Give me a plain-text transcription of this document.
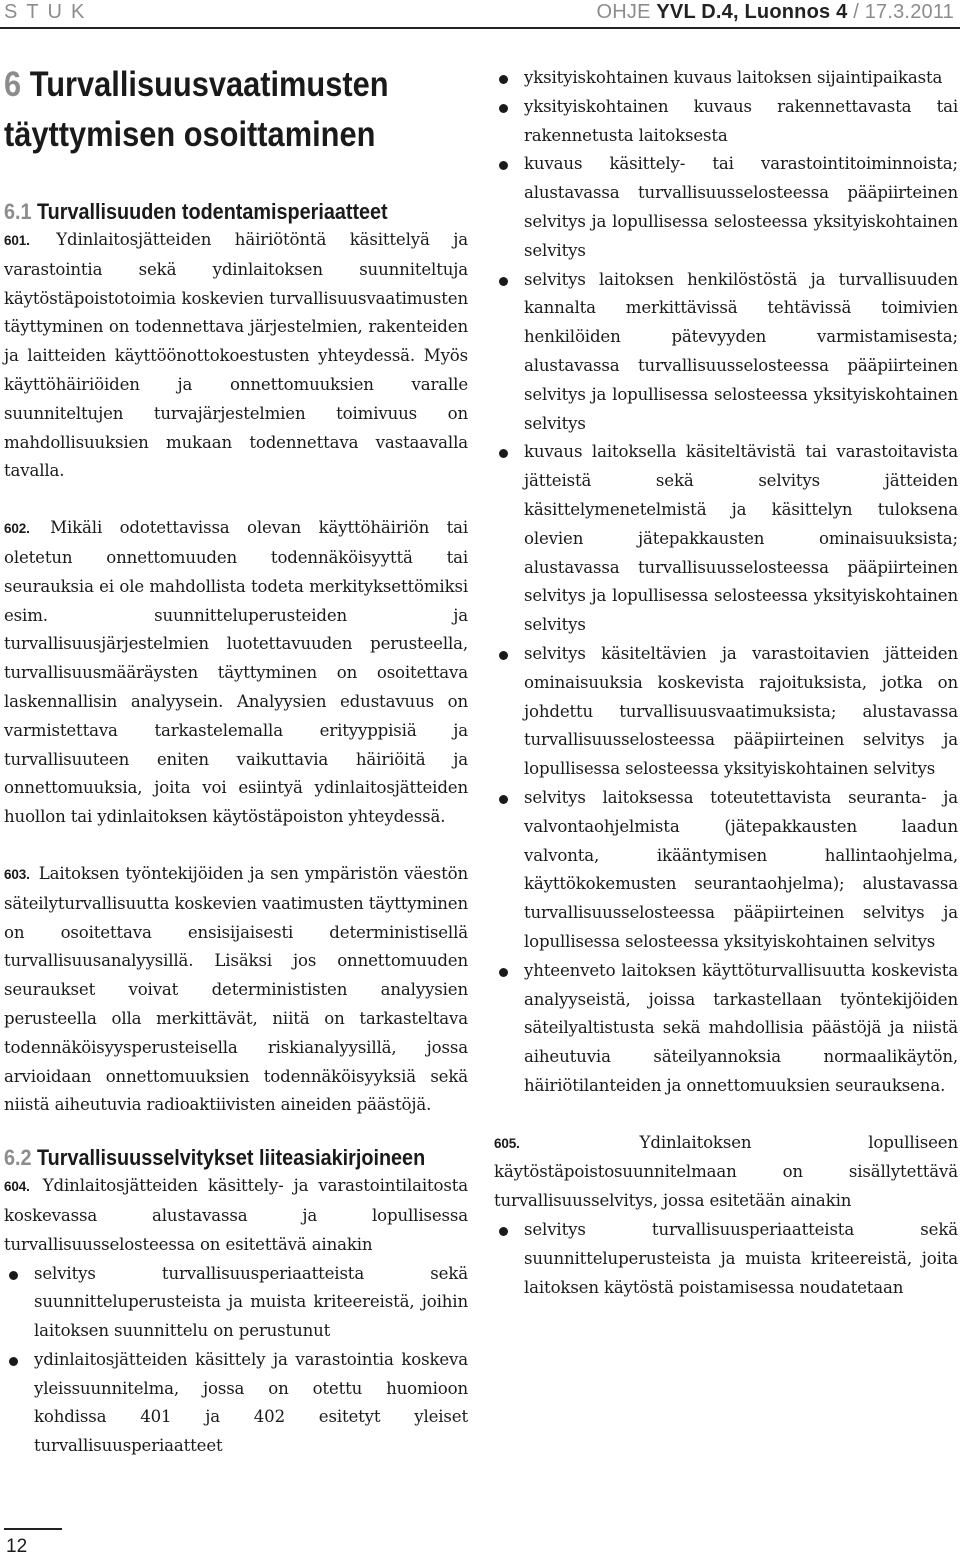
STUK	OHJE YVL D.4, Luonnos 4 / 17.3.2011
6 Turvallisuusvaatimusten
täyttymisen osoittaminen
6.1 Turvallisuuden todentamisperiaatteet

601. Ydinlaitosjätteiden häiriötöntä käsittelyä ja varastointia sekä ydinlaitoksen suunniteltuja käytöstäpoistotoimia koskevien turvallisuusvaatimusten täyttyminen on todennettava järjestelmien, rakenteiden ja laitteiden käyttöönottokoestusten yhteydessä. Myös käyttöhäiriöiden ja onnettomuuksien varalle suunniteltujen turvajärjestelmien toimivuus on mahdollisuuksien mukaan todennettava vastaavalla tavalla.

602. Mikäli odotettavissa olevan käyttöhäiriön tai oletetun onnettomuuden todennäköisyyttä tai seurauksia ei ole mahdollista todeta merkityksettömiksi esim. suunnitteluperusteiden ja turvallisuusjärjestelmien luotettavuuden perusteella, turvallisuusmääräysten täyttyminen on osoitettava laskennallisin analyysein. Analyysien edustavuus on varmistettava tarkastelemalla erityyppisiä ja turvallisuuteen eniten vaikuttavia häiriöitä ja onnettomuuksia, joita voi esiintyä ydinlaitosjätteiden huollon tai ydinlaitoksen käytöstäpoiston yhteydessä.

603. Laitoksen työntekijöiden ja sen ympäristön väestön säteilyturvallisuutta koskevien vaatimusten täyttyminen on osoitettava ensisijaisesti deterministisellä turvallisuusanalyysillä. Lisäksi jos onnettomuuden seuraukset voivat determinististen analyysien perusteella olla merkittävät, niitä on tarkasteltava todennäköisyysperusteisella riskianalyysillä, jossa arvioidaan onnettomuuksien todennäköisyyksiä sekä niistä aiheutuvia radioaktiivisten aineiden päästöjä.

6.2 Turvallisuusselvitykset liiteasiakirjoineen

604. Ydinlaitosjätteiden käsittely- ja varastointilaitosta koskevassa alustavassa ja lopullisessa turvallisuusselosteessa on esitettävä ainakin

selvitys turvallisuusperiaatteista sekä suunnitteluperusteista ja muista kriteereistä, joihin laitoksen suunnittelu on perustunut
ydinlaitosjätteiden käsittely ja varastointia koskeva yleissuunnitelma, jossa on otettu huomioon kohdissa 401 ja 402 esitetyt yleiset turvallisuusperiaatteet
yksityiskohtainen kuvaus laitoksen sijaintipaikasta
yksityiskohtainen kuvaus rakennettavasta tai rakennetusta laitoksesta
kuvaus käsittely- tai varastointitoiminnoista; alustavassa turvallisuusselosteessa pääpiirteinen selvitys ja lopullisessa selosteessa yksityiskohtainen selvitys
selvitys laitoksen henkilöstöstä ja turvallisuuden kannalta merkittävissä tehtävissä toimivien henkilöiden pätevyyden varmistamisesta; alustavassa turvallisuusselosteessa pääpiirteinen selvitys ja lopullisessa selosteessa yksityiskohtainen selvitys
kuvaus laitoksella käsiteltävistä tai varastoitavista jätteistä sekä selvitys jätteiden käsittelymenetelmistä ja käsittelyn tuloksena olevien jätepakkausten ominaisuuksista; alustavassa turvallisuusselosteessa pääpiirteinen selvitys ja lopullisessa selosteessa yksityiskohtainen selvitys
selvitys käsiteltävien ja varastoitavien jätteiden ominaisuuksia koskevista rajoituksista, jotka on johdettu turvallisuusvaatimuksista; alustavassa turvallisuusselosteessa pääpiirteinen selvitys ja lopullisessa selosteessa yksityiskohtainen selvitys
selvitys laitoksessa toteutettavista seuranta- ja valvontaohjelmista (jätepakkausten laadun valvonta, ikääntymisen hallintaohjelma, käyttökokemusten seurantaohjelma); alustavassa turvallisuusselosteessa pääpiirteinen selvitys ja lopullisessa selosteessa yksityiskohtainen selvitys
yhteenveto laitoksen käyttöturvallisuutta koskevista analyyseistä, joissa tarkastellaan työntekijöiden säteilyaltistusta sekä mahdollisia päästöjä ja niistä aiheutuvia säteilyannoksia normaalikäytön, häiriötilanteiden ja onnettomuuksien seurauksena.

605.	Ydinlaitoksen lopulliseen käytöstäpoistosuunnitelmaan on sisällytettävä turvallisuusselvitys, jossa esitetään ainakin

selvitys turvallisuusperiaatteista sekä suunnitteluperusteista ja muista kriteereistä, joita laitoksen käytöstä poistamisessa noudatetaan
12
